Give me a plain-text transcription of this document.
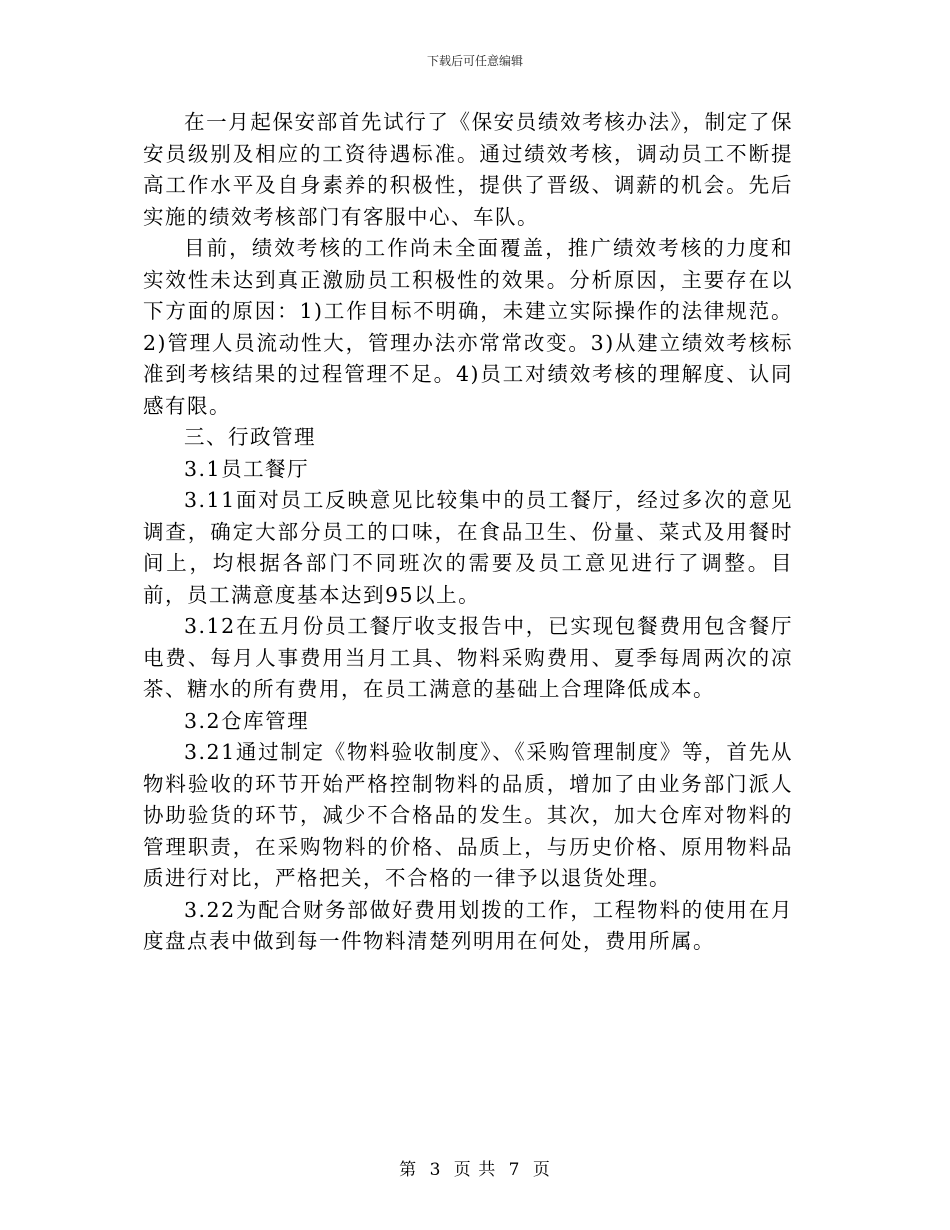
下载后可任意编辑

在一月起保安部首先试行了《保安员绩效考核办法》，制定了保安员级别及相应的工资待遇标准。通过绩效考核，调动员工不断提高工作水平及自身素养的积极性，提供了晋级、调薪的机会。先后实施的绩效考核部门有客服中心、车队。

目前，绩效考核的工作尚未全面覆盖，推广绩效考核的力度和实效性未达到真正激励员工积极性的效果。分析原因，主要存在以下方面的原因：1)工作目标不明确，未建立实际操作的法律规范。2)管理人员流动性大，管理办法亦常常改变。3)从建立绩效考核标准到考核结果的过程管理不足。4)员工对绩效考核的理解度、认同感有限。

三、行政管理

3.1员工餐厅

3.11面对员工反映意见比较集中的员工餐厅，经过多次的意见调查，确定大部分员工的口味，在食品卫生、份量、菜式及用餐时间上，均根据各部门不同班次的需要及员工意见进行了调整。目前，员工满意度基本达到95以上。

3.12在五月份员工餐厅收支报告中，已实现包餐费用包含餐厅电费、每月人事费用当月工具、物料采购费用、夏季每周两次的凉茶、糖水的所有费用，在员工满意的基础上合理降低成本。

3.2仓库管理

3.21通过制定《物料验收制度》、《采购管理制度》等，首先从物料验收的环节开始严格控制物料的品质，增加了由业务部门派人协助验货的环节，减少不合格品的发生。其次，加大仓库对物料的管理职责，在采购物料的价格、品质上，与历史价格、原用物料品质进行对比，严格把关，不合格的一律予以退货处理。

3.22为配合财务部做好费用划拨的工作，工程物料的使用在月度盘点表中做到每一件物料清楚列明用在何处，费用所属。

第 3 页 共 7 页
